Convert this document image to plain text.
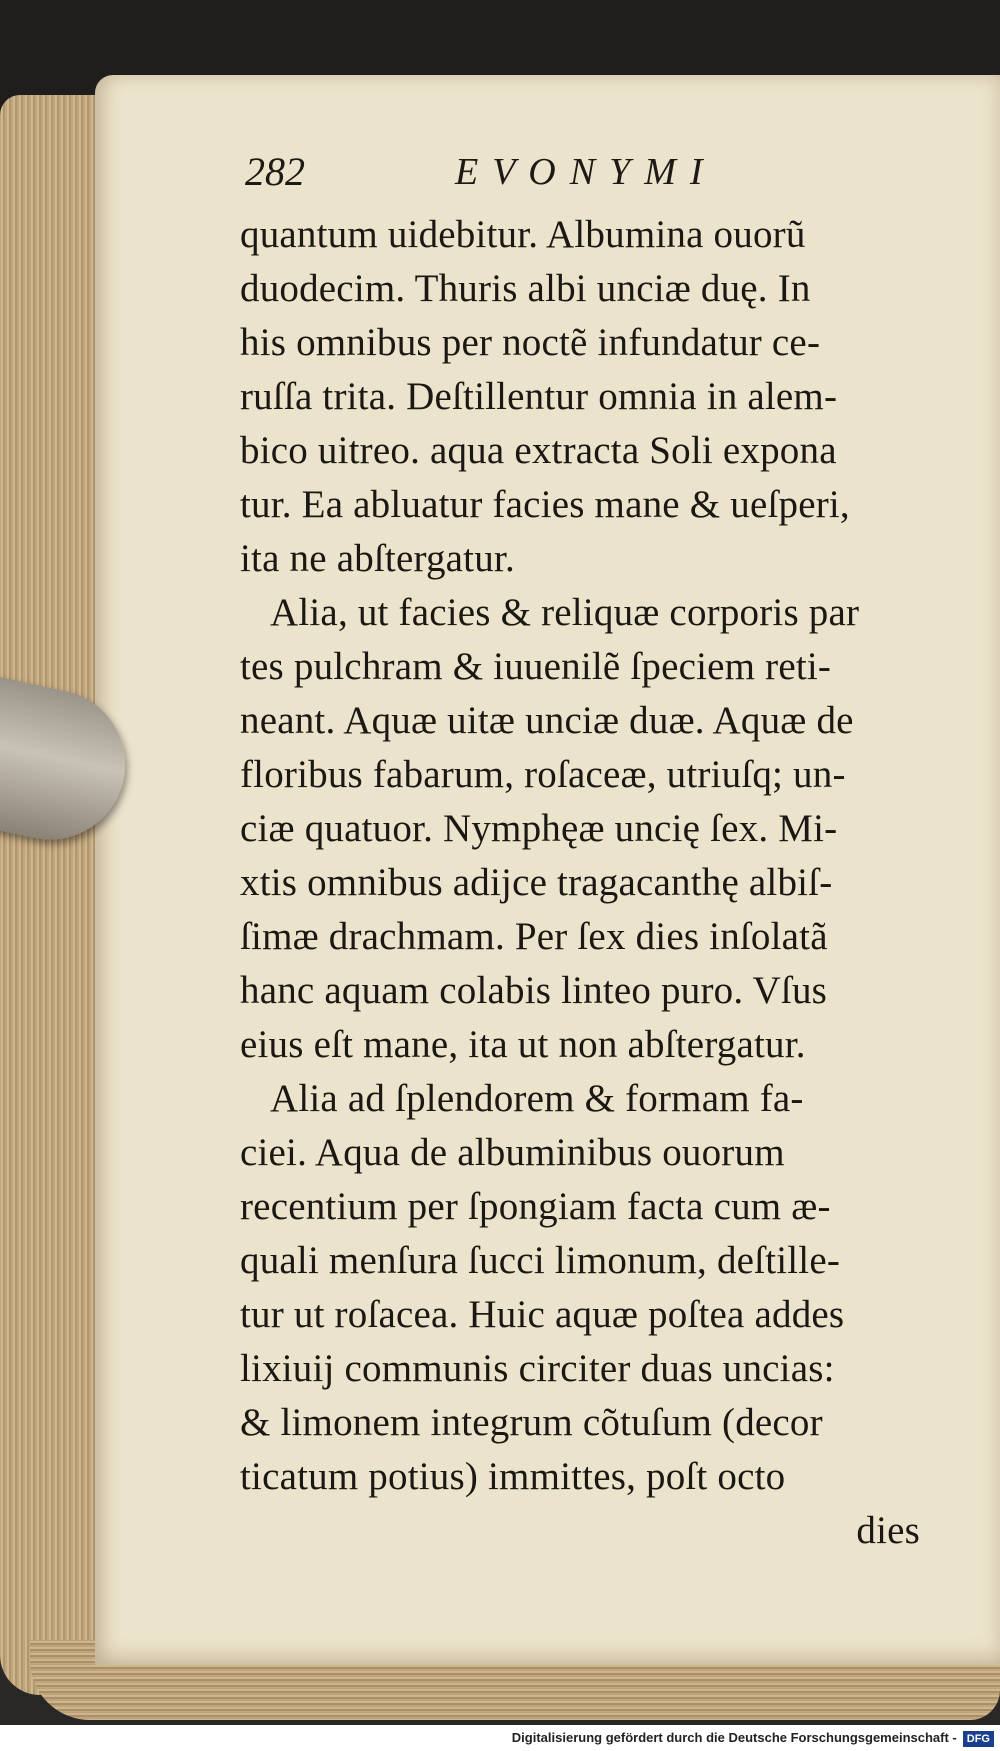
282	EVONYMI
quantum uidebitur. Albumina ouorũ
duodecim. Thuris albi unciæ duę. In
his omnibus per noctẽ infundatur ce-
ruſſa trita. Deſtillentur omnia in alem-
bico uitreo. aqua extracta Soli expona
tur. Ea abluatur facies mane & ueſperi,
ita ne abſtergatur.
Alia, ut facies & reliquæ corporis par
tes pulchram & iuuenilẽ ſpeciem reti-
neant. Aquæ uitæ unciæ duæ. Aquæ de
floribus fabarum, roſaceæ, utriuſq; un-
ciæ quatuor. Nymphęæ uncię ſex. Mi-
xtis omnibus adijce tragacanthę albiſ-
ſimæ drachmam. Per ſex dies inſolatã
hanc aquam colabis linteo puro. Vſus
eius eſt mane, ita ut non abſtergatur.
Alia ad ſplendorem & formam fa-
ciei. Aqua de albuminibus ouorum
recentium per ſpongiam facta cum æ-
quali menſura ſucci limonum, deſtille-
tur ut roſacea. Huic aquæ poſtea addes
lixiuij communis circiter duas uncias:
& limonem integrum cõtuſum (decor
ticatum potius) immittes, poſt octo
dies
Digitalisierung gefördert durch die Deutsche Forschungsgemeinschaft - DFG
